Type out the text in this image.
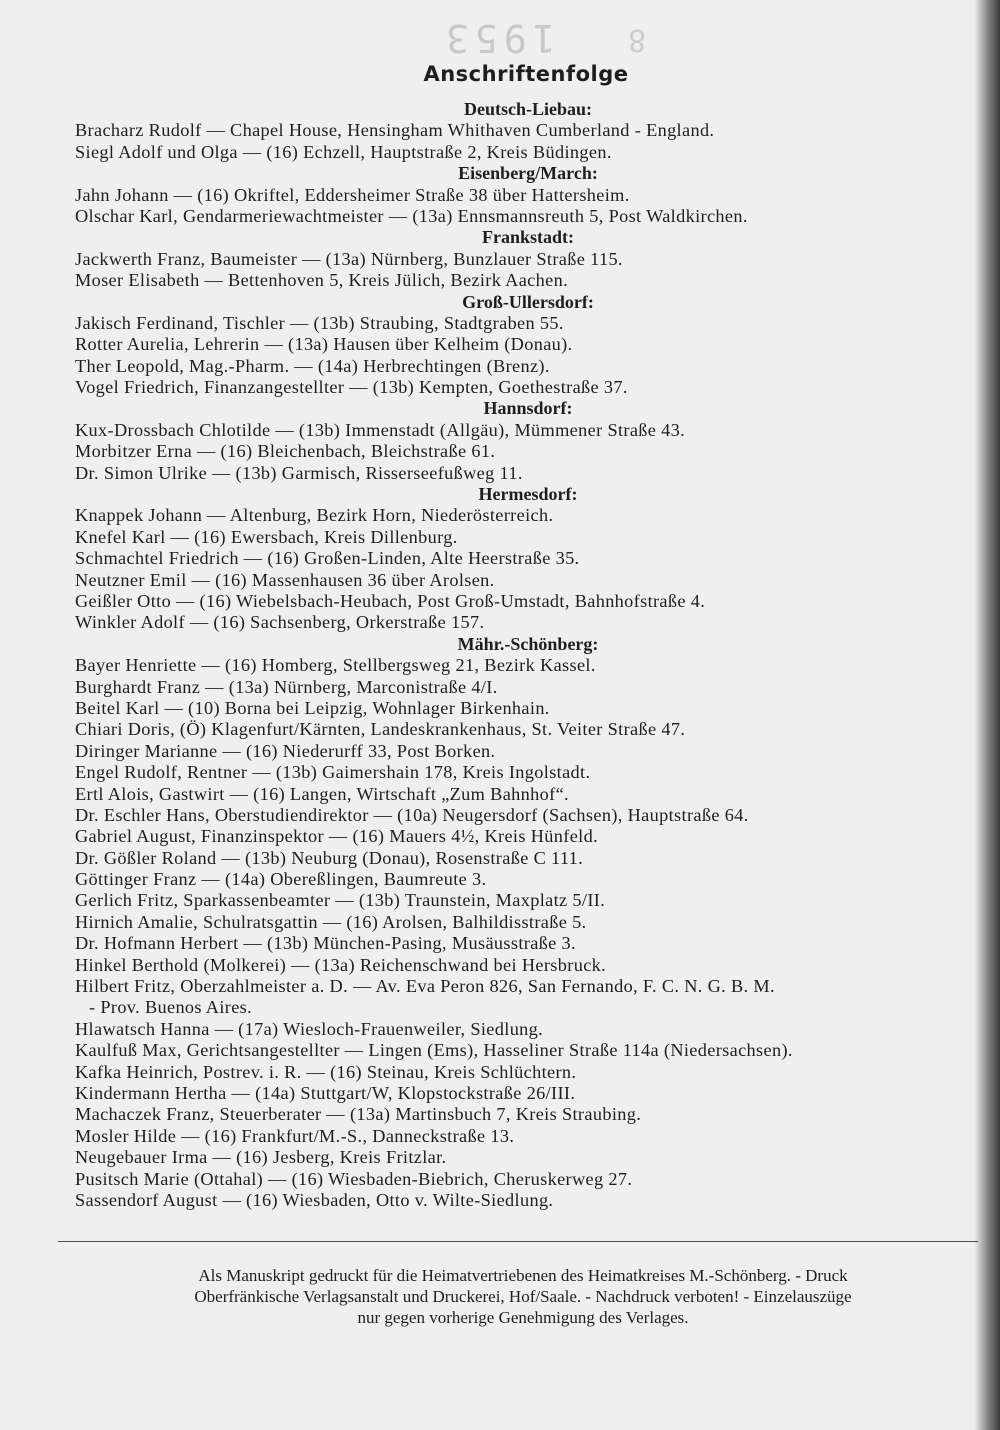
1953 8
Anschriftenfolge
Deutsch-Liebau:
Bracharz Rudolf — Chapel House, Hensingham Whithaven Cumberland - England.
Siegl Adolf und Olga — (16) Echzell, Hauptstraße 2, Kreis Büdingen.
Eisenberg/March:
Jahn Johann — (16) Okriftel, Eddersheimer Straße 38 über Hattersheim.
Olschar Karl, Gendarmeriewachtmeister — (13a) Ennsmannsreuth 5, Post Waldkirchen.
Frankstadt:
Jackwerth Franz, Baumeister — (13a) Nürnberg, Bunzlauer Straße 115.
Moser Elisabeth — Bettenhoven 5, Kreis Jülich, Bezirk Aachen.
Groß-Ullersdorf:
Jakisch Ferdinand, Tischler — (13b) Straubing, Stadtgraben 55.
Rotter Aurelia, Lehrerin — (13a) Hausen über Kelheim (Donau).
Ther Leopold, Mag.-Pharm. — (14a) Herbrechtingen (Brenz).
Vogel Friedrich, Finanzangestellter — (13b) Kempten, Goethestraße 37.
Hannsdorf:
Kux-Drossbach Chlotilde — (13b) Immenstadt (Allgäu), Mümmener Straße 43.
Morbitzer Erna — (16) Bleichenbach, Bleichstraße 61.
Dr. Simon Ulrike — (13b) Garmisch, Risserseefußweg 11.
Hermesdorf:
Knappek Johann — Altenburg, Bezirk Horn, Niederösterreich.
Knefel Karl — (16) Ewersbach, Kreis Dillenburg.
Schmachtel Friedrich — (16) Großen-Linden, Alte Heerstraße 35.
Neutzner Emil — (16) Massenhausen 36 über Arolsen.
Geißler Otto — (16) Wiebelsbach-Heubach, Post Groß-Umstadt, Bahnhofstraße 4.
Winkler Adolf — (16) Sachsenberg, Orkerstraße 157.
Mähr.-Schönberg:
Bayer Henriette — (16) Homberg, Stellbergsweg 21, Bezirk Kassel.
Burghardt Franz — (13a) Nürnberg, Marconistraße 4/I.
Beitel Karl — (10) Borna bei Leipzig, Wohnlager Birkenhain.
Chiari Doris, (Ö) Klagenfurt/Kärnten, Landeskrankenhaus, St. Veiter Straße 47.
Diringer Marianne — (16) Niederurff 33, Post Borken.
Engel Rudolf, Rentner — (13b) Gaimershain 178, Kreis Ingolstadt.
Ertl Alois, Gastwirt — (16) Langen, Wirtschaft „Zum Bahnhof“.
Dr. Eschler Hans, Oberstudiendirektor — (10a) Neugersdorf (Sachsen), Hauptstraße 64.
Gabriel August, Finanzinspektor — (16) Mauers 4½, Kreis Hünfeld.
Dr. Gößler Roland — (13b) Neuburg (Donau), Rosenstraße C 111.
Göttinger Franz — (14a) Obereßlingen, Baumreute 3.
Gerlich Fritz, Sparkassenbeamter — (13b) Traunstein, Maxplatz 5/II.
Hirnich Amalie, Schulratsgattin — (16) Arolsen, Balhildisstraße 5.
Dr. Hofmann Herbert — (13b) München-Pasing, Musäusstraße 3.
Hinkel Berthold (Molkerei) — (13a) Reichenschwand bei Hersbruck.
Hilbert Fritz, Oberzahlmeister a. D. — Av. Eva Peron 826, San Fernando, F. C. N. G. B. M.
- Prov. Buenos Aires.
Hlawatsch Hanna — (17a) Wiesloch-Frauenweiler, Siedlung.
Kaulfuß Max, Gerichtsangestellter — Lingen (Ems), Hasseliner Straße 114a (Niedersachsen).
Kafka Heinrich, Postrev. i. R. — (16) Steinau, Kreis Schlüchtern.
Kindermann Hertha — (14a) Stuttgart/W, Klopstockstraße 26/III.
Machaczek Franz, Steuerberater — (13a) Martinsbuch 7, Kreis Straubing.
Mosler Hilde — (16) Frankfurt/M.-S., Danneckstraße 13.
Neugebauer Irma — (16) Jesberg, Kreis Fritzlar.
Pusitsch Marie (Ottahal) — (16) Wiesbaden-Biebrich, Cheruskerweg 27.
Sassendorf August — (16) Wiesbaden, Otto v. Wilte-Siedlung.
Als Manuskript gedruckt für die Heimatvertriebenen des Heimatkreises M.-Schönberg. - Druck
Oberfränkische Verlagsanstalt und Druckerei, Hof/Saale. - Nachdruck verboten! - Einzelauszüge
nur gegen vorherige Genehmigung des Verlages.
